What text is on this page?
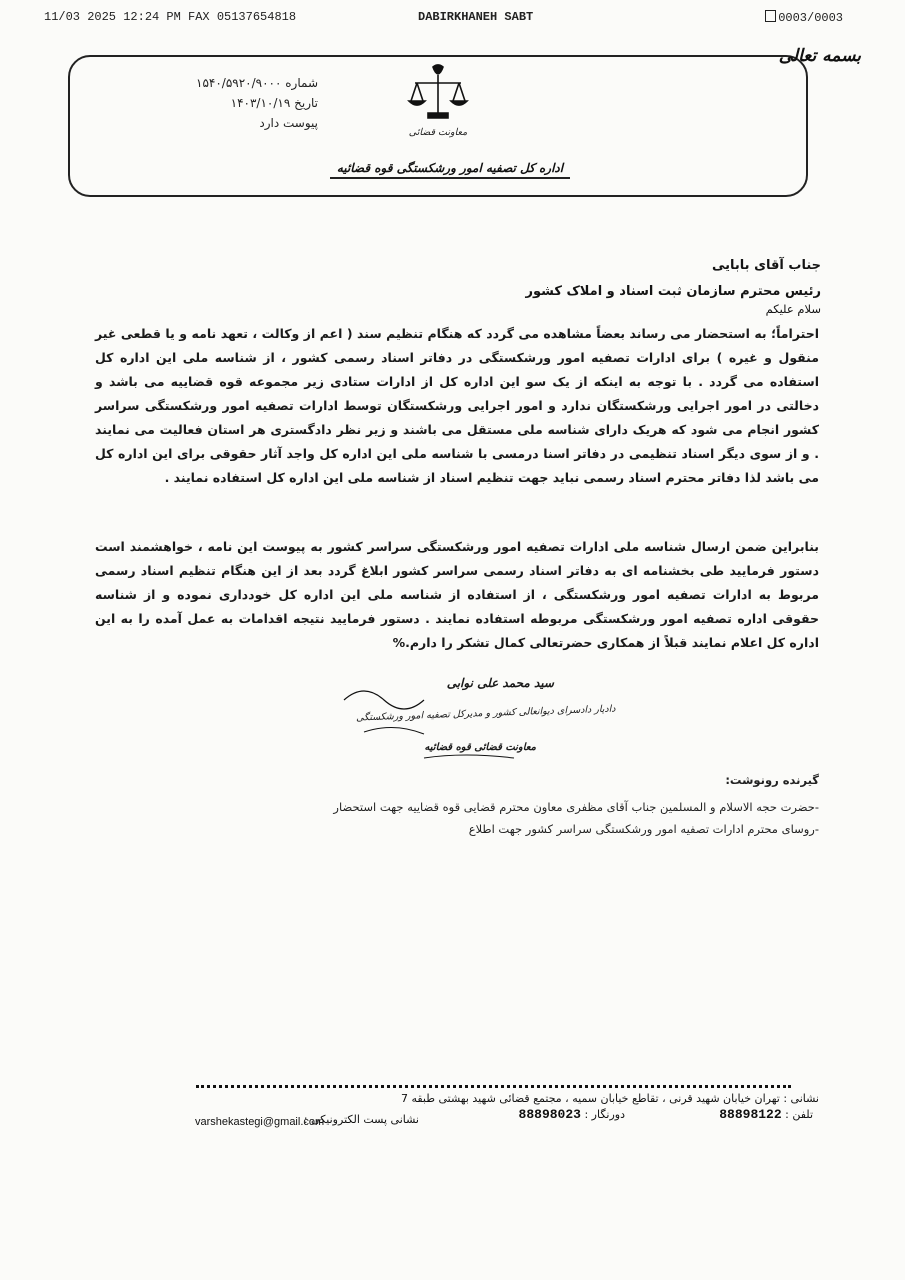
11/03 2025 12:24 PM FAX 05137654818	DABIRKHANEH SABT	0003/0003
شماره ۱۵۴۰/۵۹۲۰/۹۰۰۰
تاریخ ۱۴۰۳/۱۰/۱۹
پیوست دارد
معاونت قضائی
اداره کل تصفیه امور ورشکستگی قوه قضائیه
بسمه تعالی
جناب آقای بابایی
رئیس محترم سازمان ثبت اسناد و املاک کشور
سلام علیکم
احتراماً؛ به استحضار می رساند بعضاً مشاهده می گردد که هنگام تنظیم سند ( اعم از وکالت ، تعهد نامه و یا قطعی غیر منقول و غیره ) برای ادارات تصفیه امور ورشکستگی در دفاتر اسناد رسمی کشور ، از شناسه ملی این اداره کل استفاده می گردد . با توجه به اینکه از یک سو این اداره کل از ادارات ستادی زیر مجموعه قوه قضاییه می باشد و دخالتی در امور اجرایی ورشکستگان ندارد و امور اجرایی ورشکستگان توسط ادارات تصفیه امور ورشکستگی سراسر کشور انجام می شود که هریک دارای شناسه ملی مستقل می باشند و زیر نظر دادگستری هر استان فعالیت می نمایند . و از سوی دیگر اسناد تنظیمی در دفاتر اسنا درمسی با شناسه ملی این اداره کل واجد آثار حقوقی برای این اداره کل می باشد لذا دفاتر محترم اسناد رسمی نباید جهت تنظیم اسناد از شناسه ملی این اداره کل استفاده نمایند .
بنابراین ضمن ارسال شناسه ملی ادارات تصفیه امور ورشکستگی سراسر کشور به پیوست این نامه ، خواهشمند است دستور فرمایید طی بخشنامه ای به دفاتر اسناد رسمی سراسر کشور ابلاغ گردد بعد از این هنگام تنظیم اسناد رسمی مربوط به ادارات تصفیه امور ورشکستگی ، از استفاده از شناسه ملی این اداره کل خودداری نموده و از شناسه حقوقی اداره تصفیه امور ورشکستگی مربوطه استفاده نمایند . دستور فرمایید نتیجه اقدامات به عمل آمده را به این اداره کل اعلام نمایند قبلاً از همکاری حضرتعالی کمال تشکر را دارم.%
سید محمد علی نوابی
دادیار دادسرای دیوانعالی کشور و مدیرکل تصفیه امور ورشکستگی
معاونت قضائی قوه قضائیه
گیرنده رونوشت:
-حضرت حجه الاسلام و المسلمین جناب آقای مظفری معاون محترم قضایی قوه قضاییه جهت استحضار
-روسای محترم ادارات تصفیه امور ورشکستگی سراسر کشور جهت اطلاع
نشانی : تهران خیابان شهید قرنی ، تقاطع خیابان سمیه ، مجتمع قضائی شهید بهشتی طبقه 7
تلفن : 88898122
دورنگار : 88898023
نشانی پست الکترونیکی :
varshekastegi@gmail.com
